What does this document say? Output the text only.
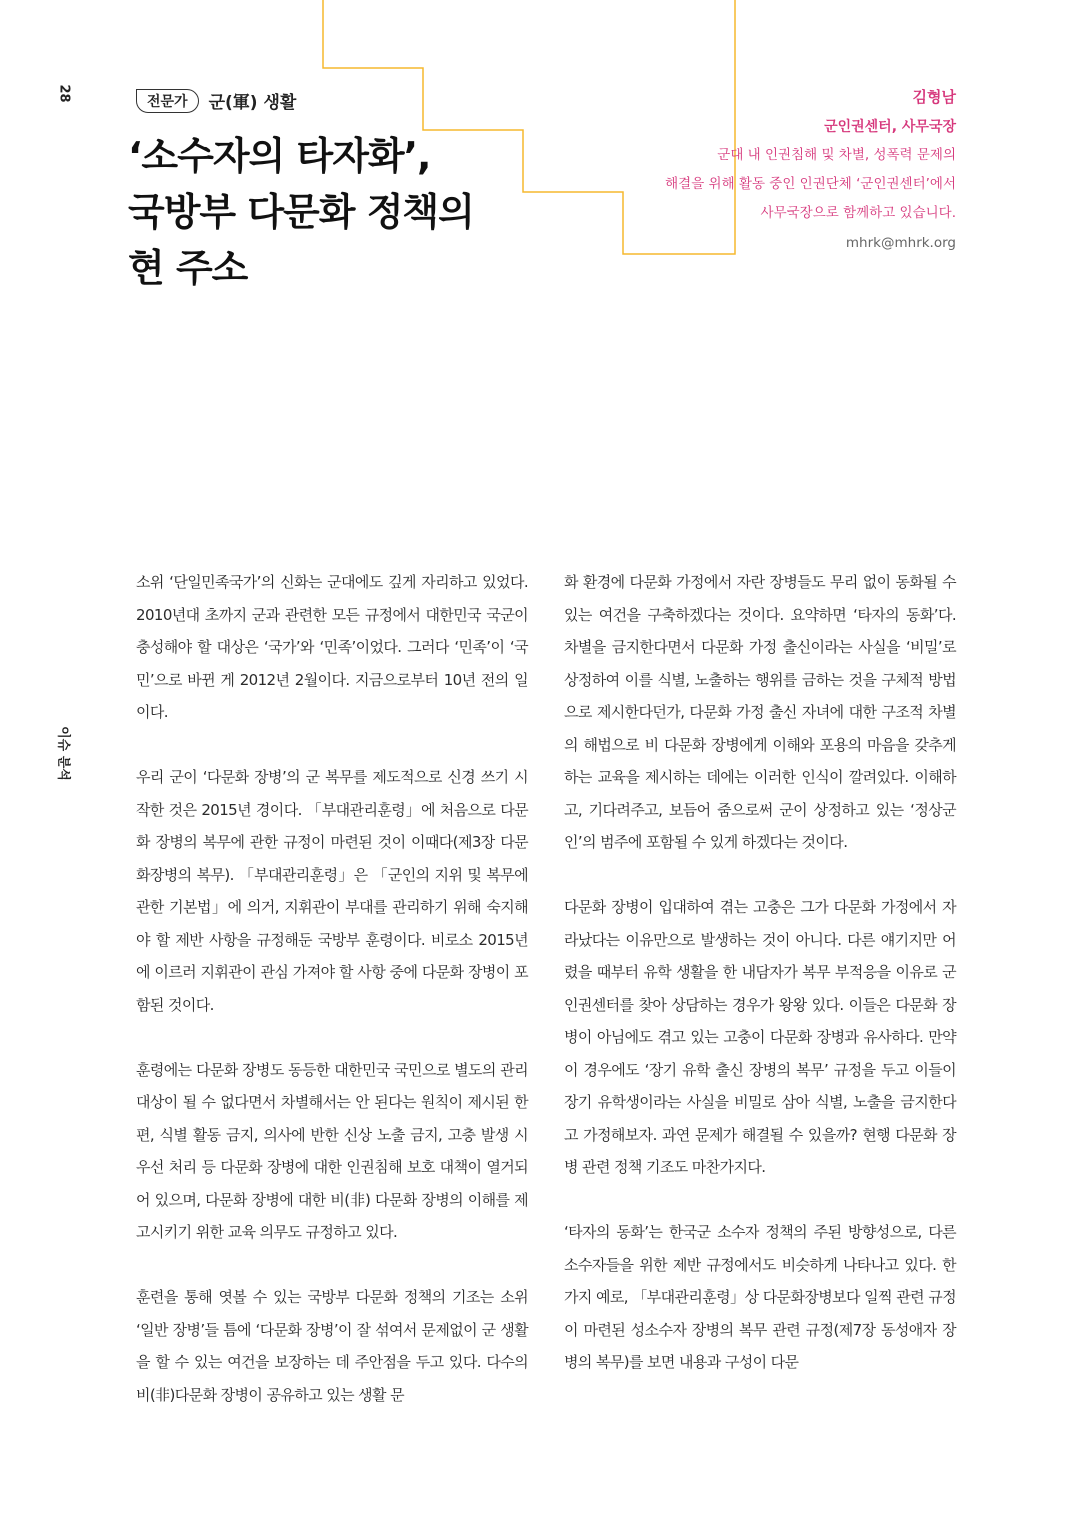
28
이슈 분석
전문가	군(軍) 생활
‘소수자의 타자화’,
국방부 다문화 정책의
현 주소
김형남
군인권센터, 사무국장
군대 내 인권침해 및 차별, 성폭력 문제의
해결을 위해 활동 중인 인권단체 ‘군인권센터’에서
사무국장으로 함께하고 있습니다.
mhrk@mhrk.org

소위 ‘단일민족국가’의 신화는 군대에도 깊게 자리하고 있었다. 2010년대 초까지 군과 관련한 모든 규정에서 대한민국 국군이 충성해야 할 대상은 ‘국가’와 ‘민족’이었다. 그러다 ‘민족’이 ‘국민’으로 바뀐 게 2012년 2월이다. 지금으로부터 10년 전의 일이다.

우리 군이 ‘다문화 장병’의 군 복무를 제도적으로 신경 쓰기 시작한 것은 2015년 경이다. 「부대관리훈령」에 처음으로 다문화 장병의 복무에 관한 규정이 마련된 것이 이때다(제3장 다문화장병의 복무). 「부대관리훈령」은 「군인의 지위 및 복무에 관한 기본법」에 의거, 지휘관이 부대를 관리하기 위해 숙지해야 할 제반 사항을 규정해둔 국방부 훈령이다. 비로소 2015년에 이르러 지휘관이 관심 가져야 할 사항 중에 다문화 장병이 포함된 것이다.

훈령에는 다문화 장병도 동등한 대한민국 국민으로 별도의 관리 대상이 될 수 없다면서 차별해서는 안 된다는 원칙이 제시된 한편, 식별 활동 금지, 의사에 반한 신상 노출 금지, 고충 발생 시 우선 처리 등 다문화 장병에 대한 인권침해 보호 대책이 열거되어 있으며, 다문화 장병에 대한 비(非) 다문화 장병의 이해를 제고시키기 위한 교육 의무도 규정하고 있다.

훈련을 통해 엿볼 수 있는 국방부 다문화 정책의 기조는 소위 ‘일반 장병’들 틈에 ‘다문화 장병’이 잘 섞여서 문제없이 군 생활을 할 수 있는 여건을 보장하는 데 주안점을 두고 있다. 다수의 비(非)다문화 장병이 공유하고 있는 생활 문

화 환경에 다문화 가정에서 자란 장병들도 무리 없이 동화될 수 있는 여건을 구축하겠다는 것이다. 요약하면 ‘타자의 동화’다. 차별을 금지한다면서 다문화 가정 출신이라는 사실을 ‘비밀’로 상정하여 이를 식별, 노출하는 행위를 금하는 것을 구체적 방법으로 제시한다던가, 다문화 가정 출신 자녀에 대한 구조적 차별의 해법으로 비 다문화 장병에게 이해와 포용의 마음을 갖추게 하는 교육을 제시하는 데에는 이러한 인식이 깔려있다. 이해하고, 기다려주고, 보듬어 줌으로써 군이 상정하고 있는 ‘정상군인’의 범주에 포함될 수 있게 하겠다는 것이다.

다문화 장병이 입대하여 겪는 고충은 그가 다문화 가정에서 자라났다는 이유만으로 발생하는 것이 아니다. 다른 얘기지만 어렸을 때부터 유학 생활을 한 내담자가 복무 부적응을 이유로 군인권센터를 찾아 상담하는 경우가 왕왕 있다. 이들은 다문화 장병이 아님에도 겪고 있는 고충이 다문화 장병과 유사하다. 만약 이 경우에도 ‘장기 유학 출신 장병의 복무’ 규정을 두고 이들이 장기 유학생이라는 사실을 비밀로 삼아 식별, 노출을 금지한다고 가정해보자. 과연 문제가 해결될 수 있을까? 현행 다문화 장병 관련 정책 기조도 마찬가지다.

‘타자의 동화’는 한국군 소수자 정책의 주된 방향성으로, 다른 소수자들을 위한 제반 규정에서도 비슷하게 나타나고 있다. 한가지 예로, 「부대관리훈령」상 다문화장병보다 일찍 관련 규정이 마련된 성소수자 장병의 복무 관련 규정(제7장 동성애자 장병의 복무)를 보면 내용과 구성이 다문
